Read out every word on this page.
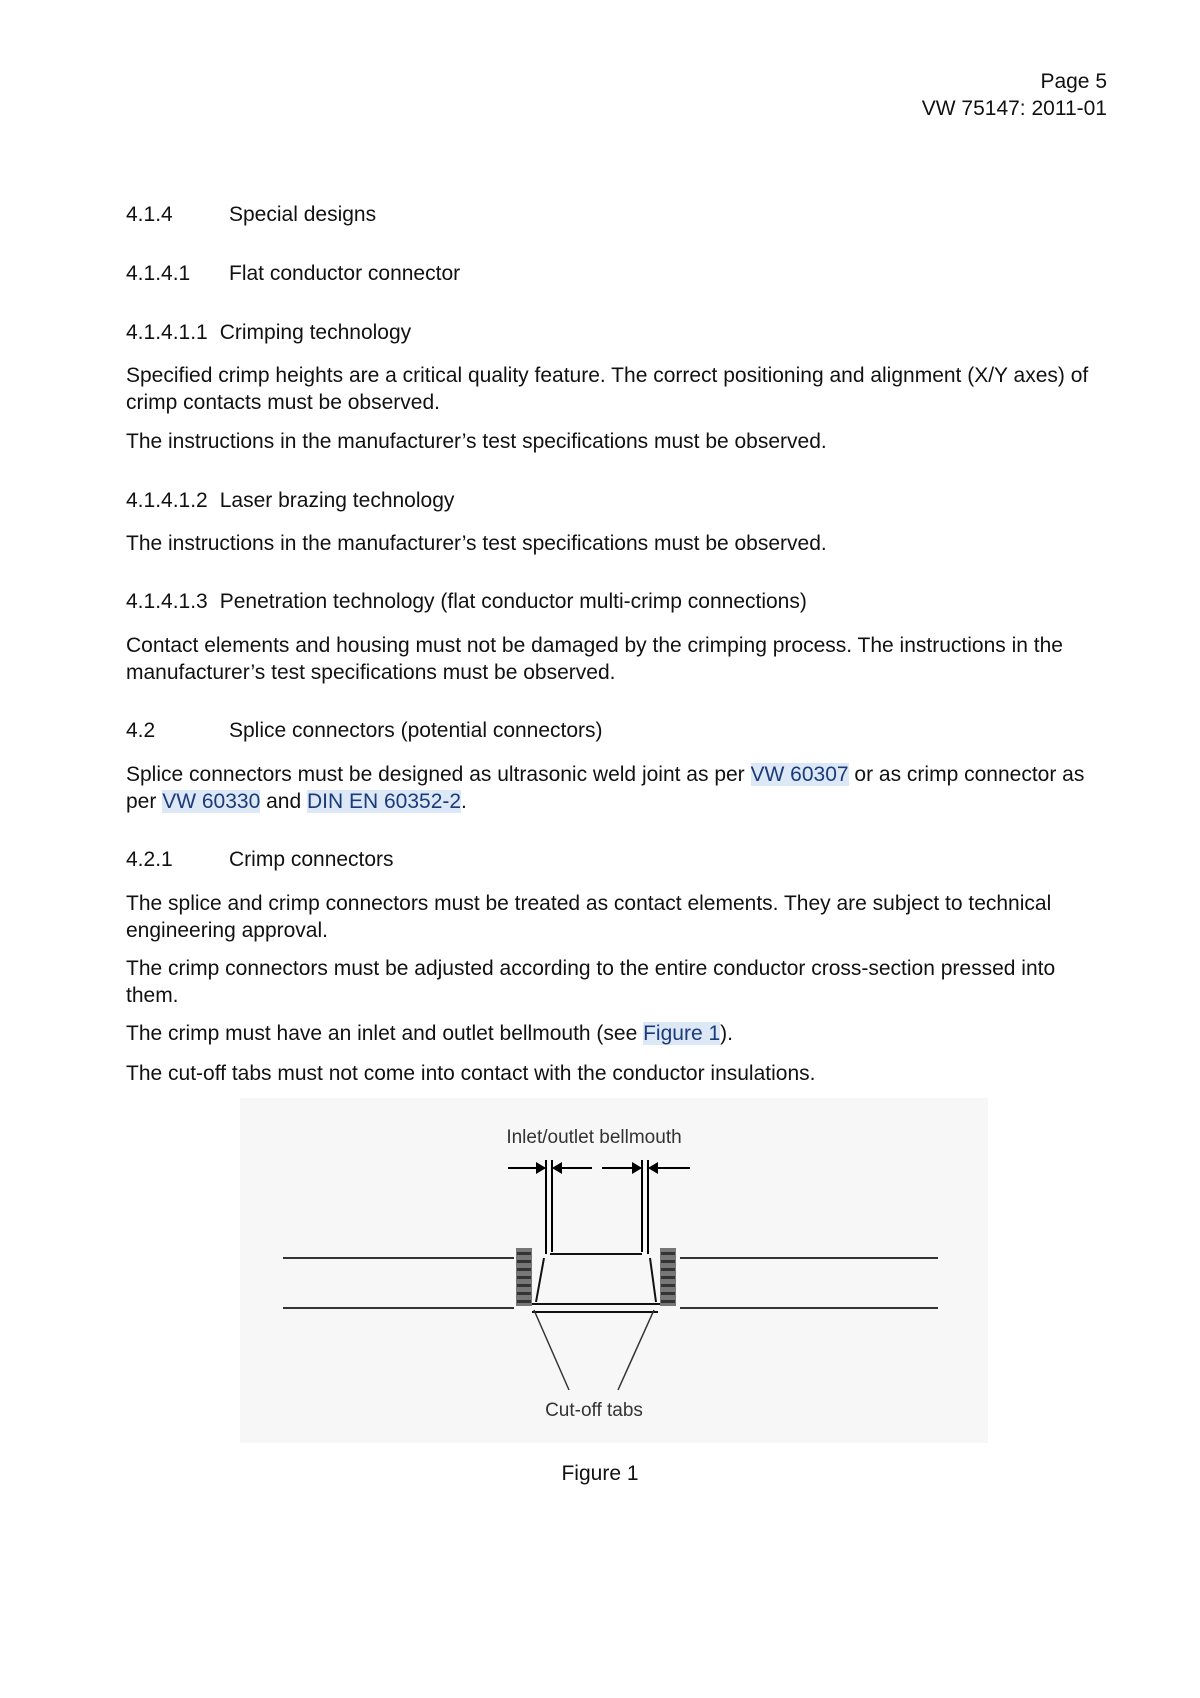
Page 5
VW 75147: 2011-01
4.1.4	Special designs
4.1.4.1 Flat conductor connector
4.1.4.1.1 Crimping technology
Specified crimp heights are a critical quality feature. The correct positioning and alignment (X/Y axes) of crimp contacts must be observed.
The instructions in the manufacturer’s test specifications must be observed.
4.1.4.1.2 Laser brazing technology
The instructions in the manufacturer’s test specifications must be observed.
4.1.4.1.3 Penetration technology (flat conductor multi-crimp connections)
Contact elements and housing must not be damaged by the crimping process. The instructions in the manufacturer’s test specifications must be observed.
4.2	Splice connectors (potential connectors)
Splice connectors must be designed as ultrasonic weld joint as per VW 60307 or as crimp connector as per VW 60330 and DIN EN 60352-2.
4.2.1	Crimp connectors
The splice and crimp connectors must be treated as contact elements. They are subject to technical engineering approval.
The crimp connectors must be adjusted according to the entire conductor cross-section pressed into them.
The crimp must have an inlet and outlet bellmouth (see Figure 1).
The cut-off tabs must not come into contact with the conductor insulations.
Inlet/outlet bellmouth
Cut-off tabs
Figure 1
